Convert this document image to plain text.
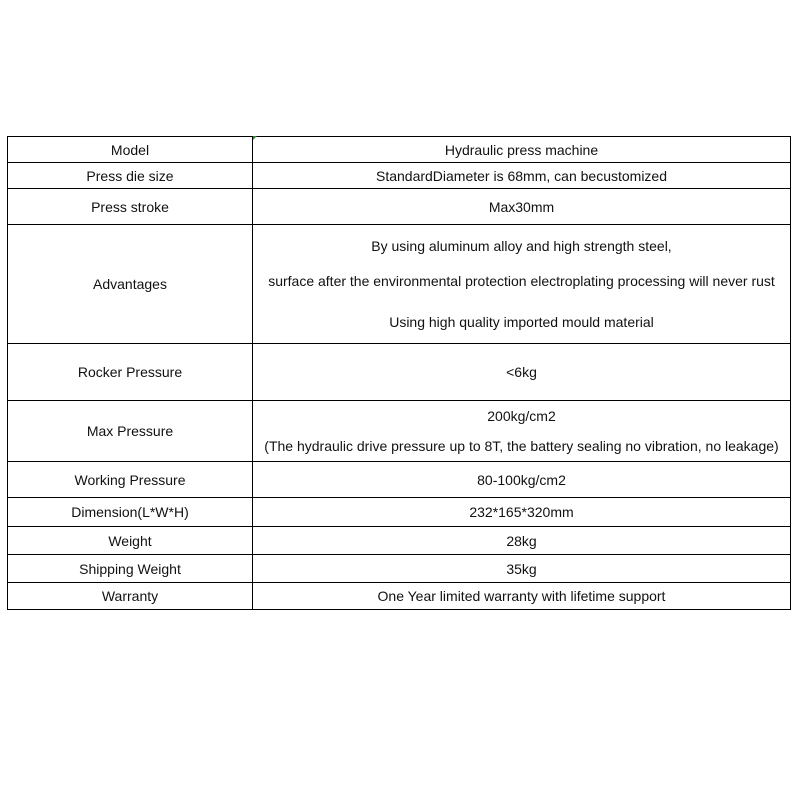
Model	Hydraulic press machine

Press die size	StandardDiameter is 68mm, can becustomized

Press stroke	Max30mm

Advantages	By using aluminum alloy and high strength steel,
surface after the environmental protection electroplating processing will never rust
Using high quality imported mould material

Rocker Pressure	<6kg

Max Pressure	200kg/cm2
(The hydraulic drive pressure up to 8T, the battery sealing no vibration, no leakage)

Working Pressure	80-100kg/cm2

Dimension(L*W*H)	232*165*320mm

Weight	28kg

Shipping Weight	35kg

Warranty	One Year limited warranty with lifetime support
